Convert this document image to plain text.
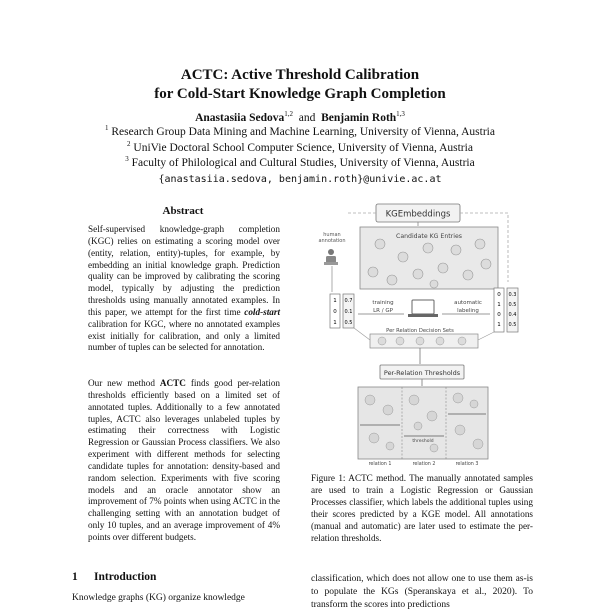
ACTC: Active Threshold Calibration
for Cold-Start Knowledge Graph Completion
Anastasiia Sedova$^{1,2}$ and Benjamin Roth$^{1,3}$
$^1$ Research Group Data Mining and Machine Learning, University of Vienna, Austria
$^2$ UniVie Doctoral School Computer Science, University of Vienna, Austria
$^3$ Faculty of Philological and Cultural Studies, University of Vienna, Austria
{anastasiia.sedova, benjamin.roth}@univie.ac.at
Abstract
Self-supervised knowledge-graph completion (KGC) relies on estimating a scoring model over (entity, relation, entity)-tuples, for example, by embedding an initial knowledge graph. Prediction quality can be improved by calibrating the scoring model, typically by adjusting the prediction thresholds using manually annotated examples. In this paper, we attempt for the first time cold-start calibration for KGC, where no annotated examples exist initially for calibration, and only a limited number of tuples can be selected for annotation.
Our new method ACTC finds good per-relation thresholds efficiently based on a limited set of annotated tuples. Additionally to a few annotated tuples, ACTC also leverages unlabeled tuples by estimating their correctness with Logistic Regression or Gaussian Process classifiers. We also experiment with different methods for selecting candidate tuples for annotation: density-based and random selection. Experiments with five scoring models and an oracle annotator show an improvement of 7% points when using ACTC in the challenging setting with an annotation budget of only 10 tuples, and an average improvement of 4% points over different budgets.
1 Introduction
Knowledge graphs (KG) organize knowledge
KGEmbeddings
Candidate KG Entries
human
annotation
1
0
1
0.7
0.1
0.5
training
LR / GP
automatic
labeling
0
1
0
1
0.3
0.5
0.4
0.5
Per Relation Decision Sets
Per-Relation Thresholds
threshold
relation 1	relation 2	relation 3
Figure 1: ACTC method. The manually annotated samples are used to train a Logistic Regression or Gaussian Processes classifier, which labels the additional tuples using their scores predicted by a KGE model. All annotations (manual and automatic) are later used to estimate the per-relation thresholds.
classification, which does not allow one to use them as-is to populate the KGs (Speranskaya et al., 2020). To transform the scores into predictions
